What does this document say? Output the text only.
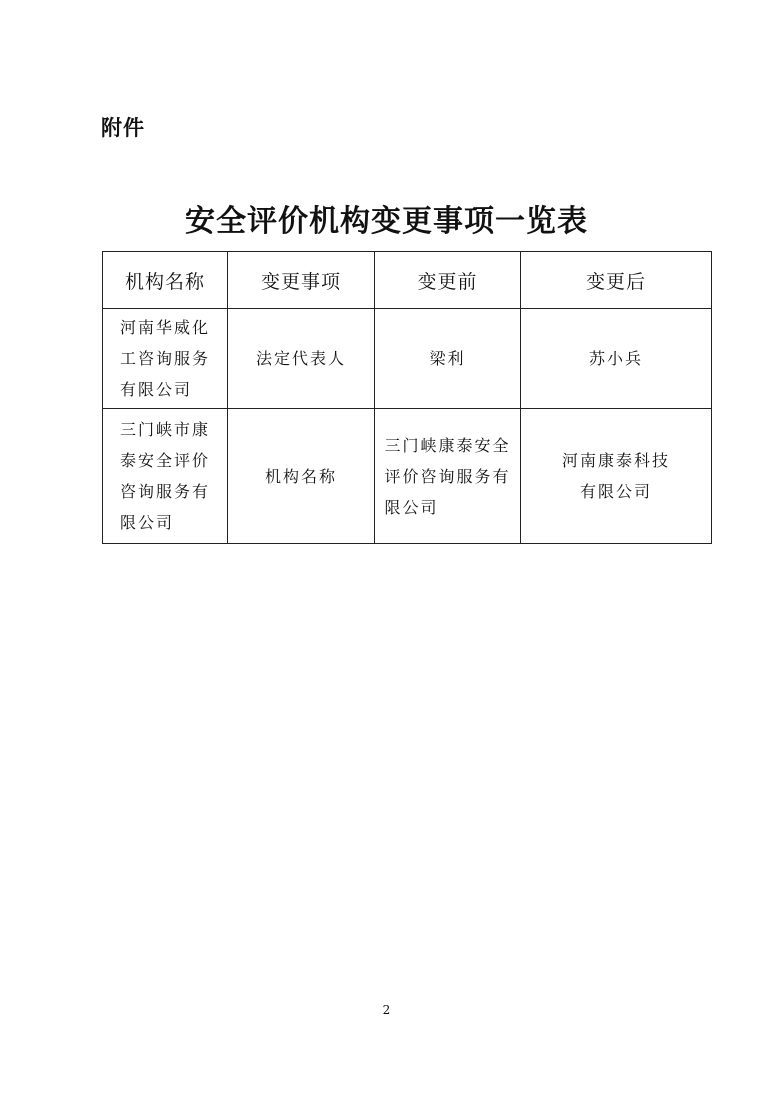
附件
安全评价机构变更事项一览表
机构名称	变更事项	变更前	变更后
河南华威化
工咨询服务
有限公司	法定代表人	梁利	苏小兵
三门峡市康
泰安全评价
咨询服务有
限公司	机构名称	三门峡康泰安全
评价咨询服务有
限公司	河南康泰科技
有限公司
2
